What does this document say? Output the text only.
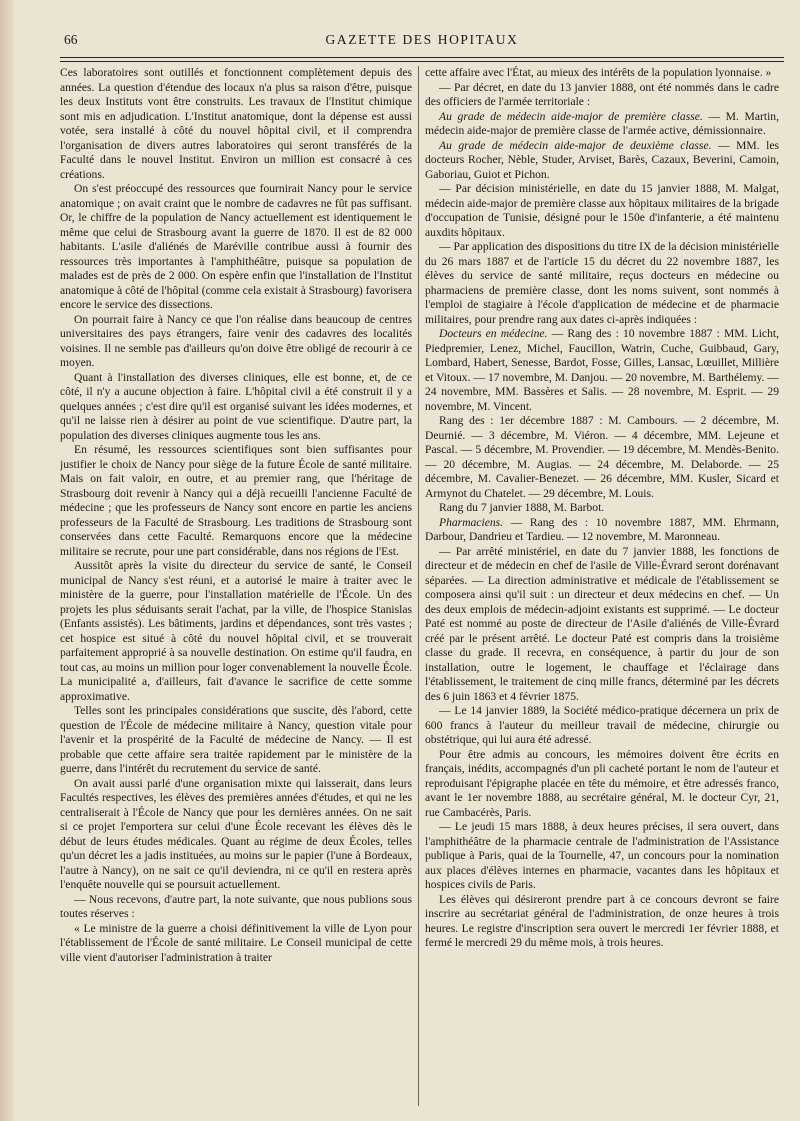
66	GAZETTE DES HOPITAUX

Ces laboratoires sont outillés et fonctionnent complètement depuis des années. La question d'étendue des locaux n'a plus sa raison d'être, puisque les deux Instituts vont être construits. Les travaux de l'Institut chimique sont mis en adjudication. L'Institut anatomique, dont la dépense est aussi votée, sera installé à côté du nouvel hôpital civil, et il comprendra l'organisation de divers autres laboratoires qui seront transférés de la Faculté dans le nouvel Institut. Environ un million est consacré à ces créations.

On s'est préoccupé des ressources que fournirait Nancy pour le service anatomique ; on avait craint que le nombre de cadavres ne fût pas suffisant. Or, le chiffre de la population de Nancy actuellement est identiquement le même que celui de Strasbourg avant la guerre de 1870. Il est de 82 000 habitants. L'asile d'aliénés de Maréville contribue aussi à fournir des ressources très importantes à l'amphithéâtre, puisque sa population de malades est de près de 2 000. On espère enfin que l'installation de l'Institut anatomique à côté de l'hôpital (comme cela existait à Strasbourg) favorisera encore le service des dissections.

On pourrait faire à Nancy ce que l'on réalise dans beaucoup de centres universitaires des pays étrangers, faire venir des cadavres des localités voisines. Il ne semble pas d'ailleurs qu'on doive être obligé de recourir à ce moyen.

Quant à l'installation des diverses cliniques, elle est bonne, et, de ce côté, il n'y a aucune objection à faire. L'hôpital civil a été construit il y a quelques années ; c'est dire qu'il est organisé suivant les idées modernes, et qu'il ne laisse rien à désirer au point de vue scientifique. D'autre part, la population des diverses cliniques augmente tous les ans.

En résumé, les ressources scientifiques sont bien suffisantes pour justifier le choix de Nancy pour siège de la future École de santé militaire. Mais on fait valoir, en outre, et au premier rang, que l'héritage de Strasbourg doit revenir à Nancy qui a déjà recueilli l'ancienne Faculté de médecine ; que les professeurs de Nancy sont encore en partie les anciens professeurs de la Faculté de Strasbourg. Les traditions de Strasbourg sont conservées dans cette Faculté. Remarquons encore que la médecine militaire se recrute, pour une part considérable, dans nos régions de l'Est.

Aussitôt après la visite du directeur du service de santé, le Conseil municipal de Nancy s'est réuni, et a autorisé le maire à traiter avec le ministère de la guerre, pour l'installation matérielle de l'École. Un des projets les plus séduisants serait l'achat, par la ville, de l'hospice Stanislas (Enfants assistés). Les bâtiments, jardins et dépendances, sont très vastes ; cet hospice est situé à côté du nouvel hôpital civil, et se trouverait parfaitement approprié à sa nouvelle destination. On estime qu'il faudra, en tout cas, au moins un million pour loger convenablement la nouvelle École. La municipalité a, d'ailleurs, fait d'avance le sacrifice de cette somme approximative.

Telles sont les principales considérations que suscite, dès l'abord, cette question de l'École de médecine militaire à Nancy, question vitale pour l'avenir et la prospérité de la Faculté de médecine de Nancy. — Il est probable que cette affaire sera traitée rapidement par le ministère de la guerre, dans l'intérêt du recrutement du service de santé.

On avait aussi parlé d'une organisation mixte qui laisserait, dans leurs Facultés respectives, les élèves des premières années d'études, et qui ne les centraliserait à l'École de Nancy que pour les dernières années. On ne sait si ce projet l'emportera sur celui d'une École recevant les élèves dès le début de leurs études médicales. Quant au régime de deux Écoles, telles qu'un décret les a jadis instituées, au moins sur le papier (l'une à Bordeaux, l'autre à Nancy), on ne sait ce qu'il deviendra, ni ce qu'il en restera après l'enquête nouvelle qui se poursuit actuellement.

— Nous recevons, d'autre part, la note suivante, que nous publions sous toutes réserves :

« Le ministre de la guerre a choisi définitivement la ville de Lyon pour l'établissement de l'École de santé militaire. Le Conseil municipal de cette ville vient d'autoriser l'administration à traiter

cette affaire avec l'État, au mieux des intérêts de la population lyonnaise. »

— Par décret, en date du 13 janvier 1888, ont été nommés dans le cadre des officiers de l'armée territoriale :

Au grade de médecin aide-major de première classe. — M. Martin, médecin aide-major de première classe de l'armée active, démissionnaire.

Au grade de médecin aide-major de deuxième classe. — MM. les docteurs Rocher, Nèble, Studer, Arviset, Barès, Cazaux, Beverini, Camoin, Gaboriau, Guiot et Pichon.

— Par décision ministérielle, en date du 15 janvier 1888, M. Malgat, médecin aide-major de première classe aux hôpitaux militaires de la brigade d'occupation de Tunisie, désigné pour le 150e d'infanterie, a été maintenu auxdits hôpitaux.

— Par application des dispositions du titre IX de la décision ministérielle du 26 mars 1887 et de l'article 15 du décret du 22 novembre 1887, les élèves du service de santé militaire, reçus docteurs en médecine ou pharmaciens de première classe, dont les noms suivent, sont nommés à l'emploi de stagiaire à l'école d'application de médecine et de pharmacie militaires, pour prendre rang aux dates ci-après indiquées :

Docteurs en médecine. — Rang des : 10 novembre 1887 : MM. Licht, Piedpremier, Lenez, Michel, Faucillon, Watrin, Cuche, Guibbaud, Gary, Lombard, Habert, Senesse, Bardot, Fosse, Gilles, Lansac, Lœuillet, Millière et Vitoux. — 17 novembre, M. Danjou. — 20 novembre, M. Barthélemy. — 24 novembre, MM. Bassères et Salis. — 28 novembre, M. Esprit. — 29 novembre, M. Vincent.

Rang des : 1er décembre 1887 : M. Cambours. — 2 décembre, M. Deurnié. — 3 décembre, M. Viéron. — 4 décembre, MM. Lejeune et Pascal. — 5 décembre, M. Provendier. — 19 décembre, M. Mendès-Benito. — 20 décembre, M. Augias. — 24 décembre, M. Delaborde. — 25 décembre, M. Cavalier-Benezet. — 26 décembre, MM. Kusler, Sicard et Armynot du Chatelet. — 29 décembre, M. Louis.

Rang du 7 janvier 1888, M. Barbot.

Pharmaciens. — Rang des : 10 novembre 1887, MM. Ehrmann, Darbour, Dandrieu et Tardieu. — 12 novembre, M. Maronneau.

— Par arrêté ministériel, en date du 7 janvier 1888, les fonctions de directeur et de médecin en chef de l'asile de Ville-Évrard seront dorénavant séparées. — La direction administrative et médicale de l'établissement se composera ainsi qu'il suit : un directeur et deux médecins en chef. — Un des deux emplois de médecin-adjoint existants est supprimé. — Le docteur Paté est nommé au poste de directeur de l'Asile d'aliénés de Ville-Évrard créé par le présent arrêté. Le docteur Paté est compris dans la troisième classe du grade. Il recevra, en conséquence, à partir du jour de son installation, outre le logement, le chauffage et l'éclairage dans l'établissement, le traitement de cinq mille francs, déterminé par les décrets des 6 juin 1863 et 4 février 1875.

— Le 14 janvier 1889, la Société médico-pratique décernera un prix de 600 francs à l'auteur du meilleur travail de médecine, chirurgie ou obstétrique, qui lui aura été adressé.

Pour être admis au concours, les mémoires doivent être écrits en français, inédits, accompagnés d'un pli cacheté portant le nom de l'auteur et reproduisant l'épigraphe placée en tête du mémoire, et être adressés franco, avant le 1er novembre 1888, au secrétaire général, M. le docteur Cyr, 21, rue Cambacérès, Paris.

— Le jeudi 15 mars 1888, à deux heures précises, il sera ouvert, dans l'amphithéâtre de la pharmacie centrale de l'administration de l'Assistance publique à Paris, quai de la Tournelle, 47, un concours pour la nomination aux places d'élèves internes en pharmacie, vacantes dans les hôpitaux et hospices civils de Paris.

Les élèves qui désireront prendre part à ce concours devront se faire inscrire au secrétariat général de l'administration, de onze heures à trois heures. Le registre d'inscription sera ouvert le mercredi 1er février 1888, et fermé le mercredi 29 du même mois, à trois heures.
